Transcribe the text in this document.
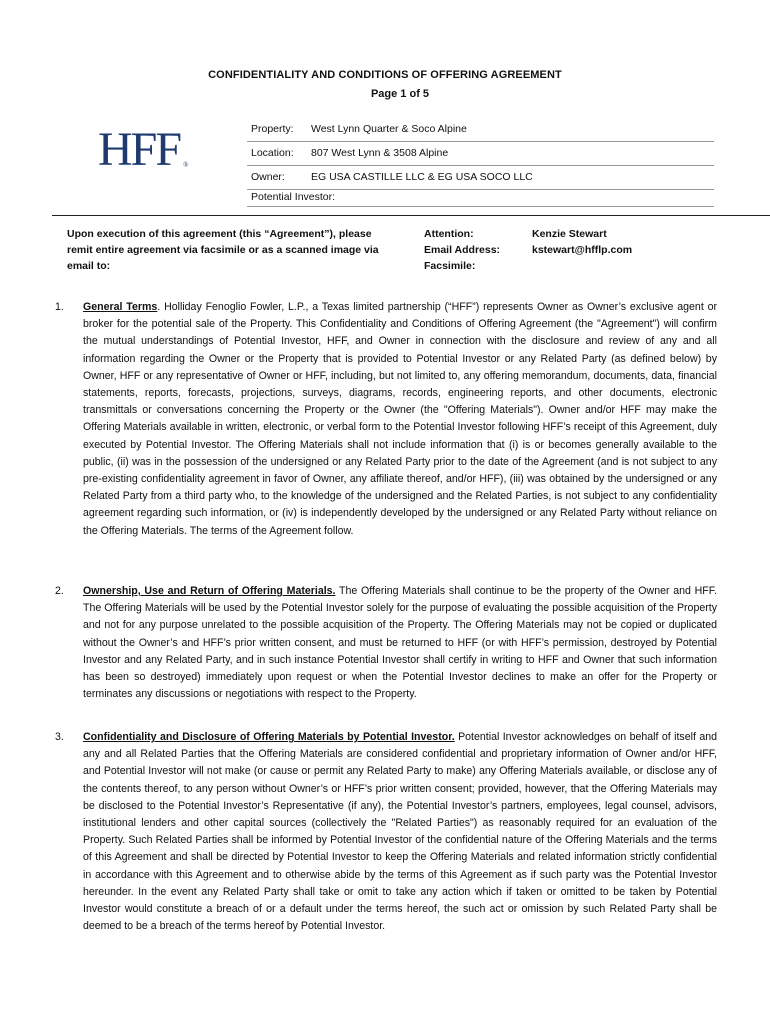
CONFIDENTIALITY AND CONDITIONS OF OFFERING AGREEMENT
Page 1 of 5
HFF ®
Property: West Lynn Quarter & Soco Alpine
Location: 807 West Lynn & 3508 Alpine
Owner: EG USA CASTILLE LLC & EG USA SOCO LLC
Potential Investor:
Upon execution of this agreement (this “Agreement”), please remit entire agreement via facsimile or as a scanned image via email to:
Attention:
Email Address:
Facsimile:
Kenzie Stewart
kstewart@hfflp.com
1. General Terms. Holliday Fenoglio Fowler, L.P., a Texas limited partnership (“HFF”) represents Owner as Owner’s exclusive agent or broker for the potential sale of the Property. This Confidentiality and Conditions of Offering Agreement (the "Agreement") will confirm the mutual understandings of Potential Investor, HFF, and Owner in connection with the disclosure and review of any and all information regarding the Owner or the Property that is provided to Potential Investor or any Related Party (as defined below) by Owner, HFF or any representative of Owner or HFF, including, but not limited to, any offering memorandum, documents, data, financial statements, reports, forecasts, projections, surveys, diagrams, records, engineering reports, and other documents, electronic transmittals or conversations concerning the Property or the Owner (the "Offering Materials"). Owner and/or HFF may make the Offering Materials available in written, electronic, or verbal form to the Potential Investor following HFF’s receipt of this Agreement, duly executed by Potential Investor. The Offering Materials shall not include information that (i) is or becomes generally available to the public, (ii) was in the possession of the undersigned or any Related Party prior to the date of the Agreement (and is not subject to any pre-existing confidentiality agreement in favor of Owner, any affiliate thereof, and/or HFF), (iii) was obtained by the undersigned or any Related Party from a third party who, to the knowledge of the undersigned and the Related Parties, is not subject to any confidentiality agreement regarding such information, or (iv) is independently developed by the undersigned or any Related Party without reliance on the Offering Materials. The terms of the Agreement follow.
2. Ownership, Use and Return of Offering Materials. The Offering Materials shall continue to be the property of the Owner and HFF. The Offering Materials will be used by the Potential Investor solely for the purpose of evaluating the possible acquisition of the Property and not for any purpose unrelated to the possible acquisition of the Property. The Offering Materials may not be copied or duplicated without the Owner’s and HFF’s prior written consent, and must be returned to HFF (or with HFF’s permission, destroyed by Potential Investor and any Related Party, and in such instance Potential Investor shall certify in writing to HFF and Owner that such information has been so destroyed) immediately upon request or when the Potential Investor declines to make an offer for the Property or terminates any discussions or negotiations with respect to the Property.
3. Confidentiality and Disclosure of Offering Materials by Potential Investor. Potential Investor acknowledges on behalf of itself and any and all Related Parties that the Offering Materials are considered confidential and proprietary information of Owner and/or HFF, and Potential Investor will not make (or cause or permit any Related Party to make) any Offering Materials available, or disclose any of the contents thereof, to any person without Owner’s or HFF’s prior written consent; provided, however, that the Offering Materials may be disclosed to the Potential Investor’s Representative (if any), the Potential Investor’s partners, employees, legal counsel, advisors, institutional lenders and other capital sources (collectively the "Related Parties") as reasonably required for an evaluation of the Property. Such Related Parties shall be informed by Potential Investor of the confidential nature of the Offering Materials and the terms of this Agreement and shall be directed by Potential Investor to keep the Offering Materials and related information strictly confidential in accordance with this Agreement and to otherwise abide by the terms of this Agreement as if such party was the Potential Investor hereunder. In the event any Related Party shall take or omit to take any action which if taken or omitted to be taken by Potential Investor would constitute a breach of or a default under the terms hereof, the such act or omission by such Related Party shall be deemed to be a breach of the terms hereof by Potential Investor.
